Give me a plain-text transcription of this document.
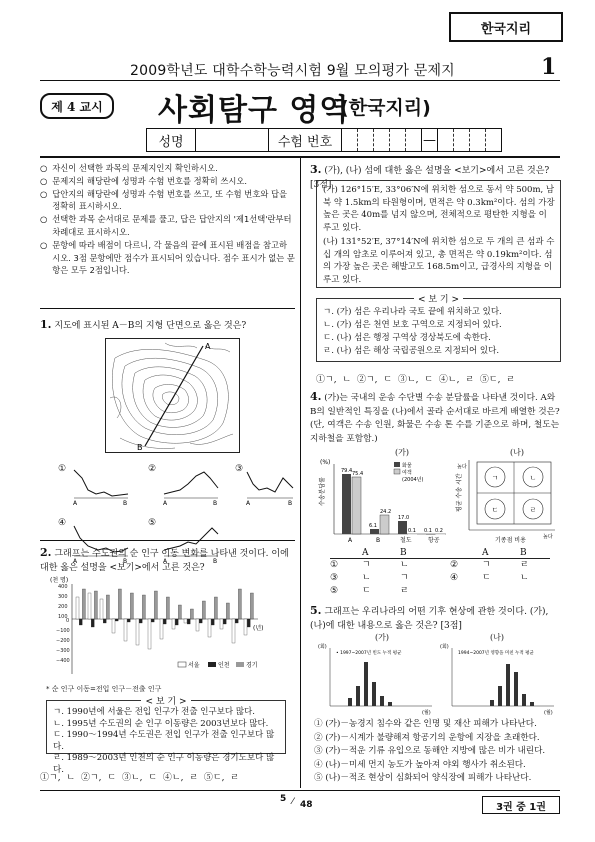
한국지리
2009학년도 대학수학능력시험 9월 모의평가 문제지	1
제 4 교시	사회탐구 영역
(한국지리)
성명	수험 번호	—
○ 자신이 선택한 과목의 문제지인지 확인하시오.
○ 문제지의 해당란에 성명과 수험 번호를 정확히 쓰시오.
○ 답안지의 해당란에 성명과 수험 번호를 쓰고, 또 수험 번호와 답을 정확히 표시하시오.
○ 선택한 과목 순서대로 문제를 풀고, 답은 답안지의 '제1선택'란부터 차례대로 표시하시오.
○ 문항에 따라 배점이 다르니, 각 물음의 끝에 표시된 배점을 참고하시오. 3점 문항에만 점수가 표시되어 있습니다. 점수 표시가 없는 문항은 모두 2점입니다.
1. 지도에 표시된 A－B의 지형 단면으로 옳은 것은?
A
B
①
A	B
②
A	B
③
A	B
④
A	B
⑤
A	B
2. 그래프는 수도권의 순 인구 이동 변화를 나타낸 것이다. 이에 대한 옳은 설명을 <보기>에서 고른 것은?
(천 명)
400
300
200
100
0
−100
−200
−300
−400
(년)
서울	인천	경기
* 순 인구 이동=전입 인구－전출 인구
< 보 기 >
ㄱ. 1990년에 서울은 전입 인구가 전출 인구보다 많다.
ㄴ. 1995년 수도권의 순 인구 이동량은 2003년보다 많다.
ㄷ. 1990～1994년 수도권은 전입 인구가 전출 인구보다 많다.
ㄹ. 1989～2003년 인천의 순 인구 이동량은 경기도보다 많다.
①ㄱ, ㄴ ②ㄱ, ㄷ ③ㄴ, ㄷ ④ㄴ, ㄹ ⑤ㄷ, ㄹ
3. (가), (나) 섬에 대한 옳은 설명을 <보기>에서 고른 것은? [3점]
(가) 126°15′E, 33°06′N에 위치한 섬으로 동서 약 500m, 남북 약 1.5km의 타원형이며, 면적은 약 0.3km²이다. 섬의 가장 높은 곳은 40m를 넘지 않으며, 전체적으로 평탄한 지형을 이루고 있다.
(나) 131°52′E, 37°14′N에 위치한 섬으로 두 개의 큰 섬과 수십 개의 암초로 이루어져 있고, 총 면적은 약 0.19km²이다. 섬의 가장 높은 곳은 해발고도 168.5m이고, 급경사의 지형을 이루고 있다.
< 보 기 >
ㄱ. (가) 섬은 우리나라 국토 끝에 위치하고 있다.
ㄴ. (가) 섬은 천연 보호 구역으로 지정되어 있다.
ㄷ. (나) 섬은 행정 구역상 경상북도에 속한다.
ㄹ. (나) 섬은 해상 국립공원으로 지정되어 있다.
①ㄱ, ㄴ ②ㄱ, ㄷ ③ㄴ, ㄷ ④ㄴ, ㄹ ⑤ㄷ, ㄹ
4. (가)는 국내의 운송 수단별 수송 분담률을 나타낸 것이다. A와 B의 일반적인 특징을 (나)에서 골라 순서대로 바르게 배열한 것은? (단, 여객은 수송 인원, 화물은 수송 톤 수를 기준으로 하며, 철도는 지하철을 포함함.)
(가)	(나)
(%)
수송분담률
화물
여객
(2004년)
79.4 75.4
6.1
24.2
17.0
0.1 0.1 0.2
A	B	철도	항공
평균 수송 시간
높다
기종점 비용	높다
ㄱ	ㄴ
ㄷ	ㄹ
A	B	A	B
①	ㄱ	ㄴ	②	ㄱ	ㄹ
③	ㄴ	ㄱ	④	ㄷ	ㄴ
⑤	ㄷ	ㄹ
5. 그래프는 우리나라의 어떤 기후 현상에 관한 것이다. (가), (나)에 대한 내용으로 옳은 것은? [3점]
(가)	(나)
(회)
• 1997~2007년 빈도 누적 평균
(월)
(회)
1994~2007년 영향을 미친 누적 평균
(월)
① (가)－농경지 침수와 같은 인명 및 재산 피해가 나타난다.
② (가)－시계가 불량해져 항공기의 운항에 지장을 초래한다.
③ (가)－적운 기류 유입으로 동해안 지방에 많은 비가 내린다.
④ (나)－미세 먼지 농도가 높아져 야외 행사가 취소된다.
⑤ (나)－적조 현상이 심화되어 양식장에 피해가 나타난다.
5 ⁄ 48	3권 중 1권
